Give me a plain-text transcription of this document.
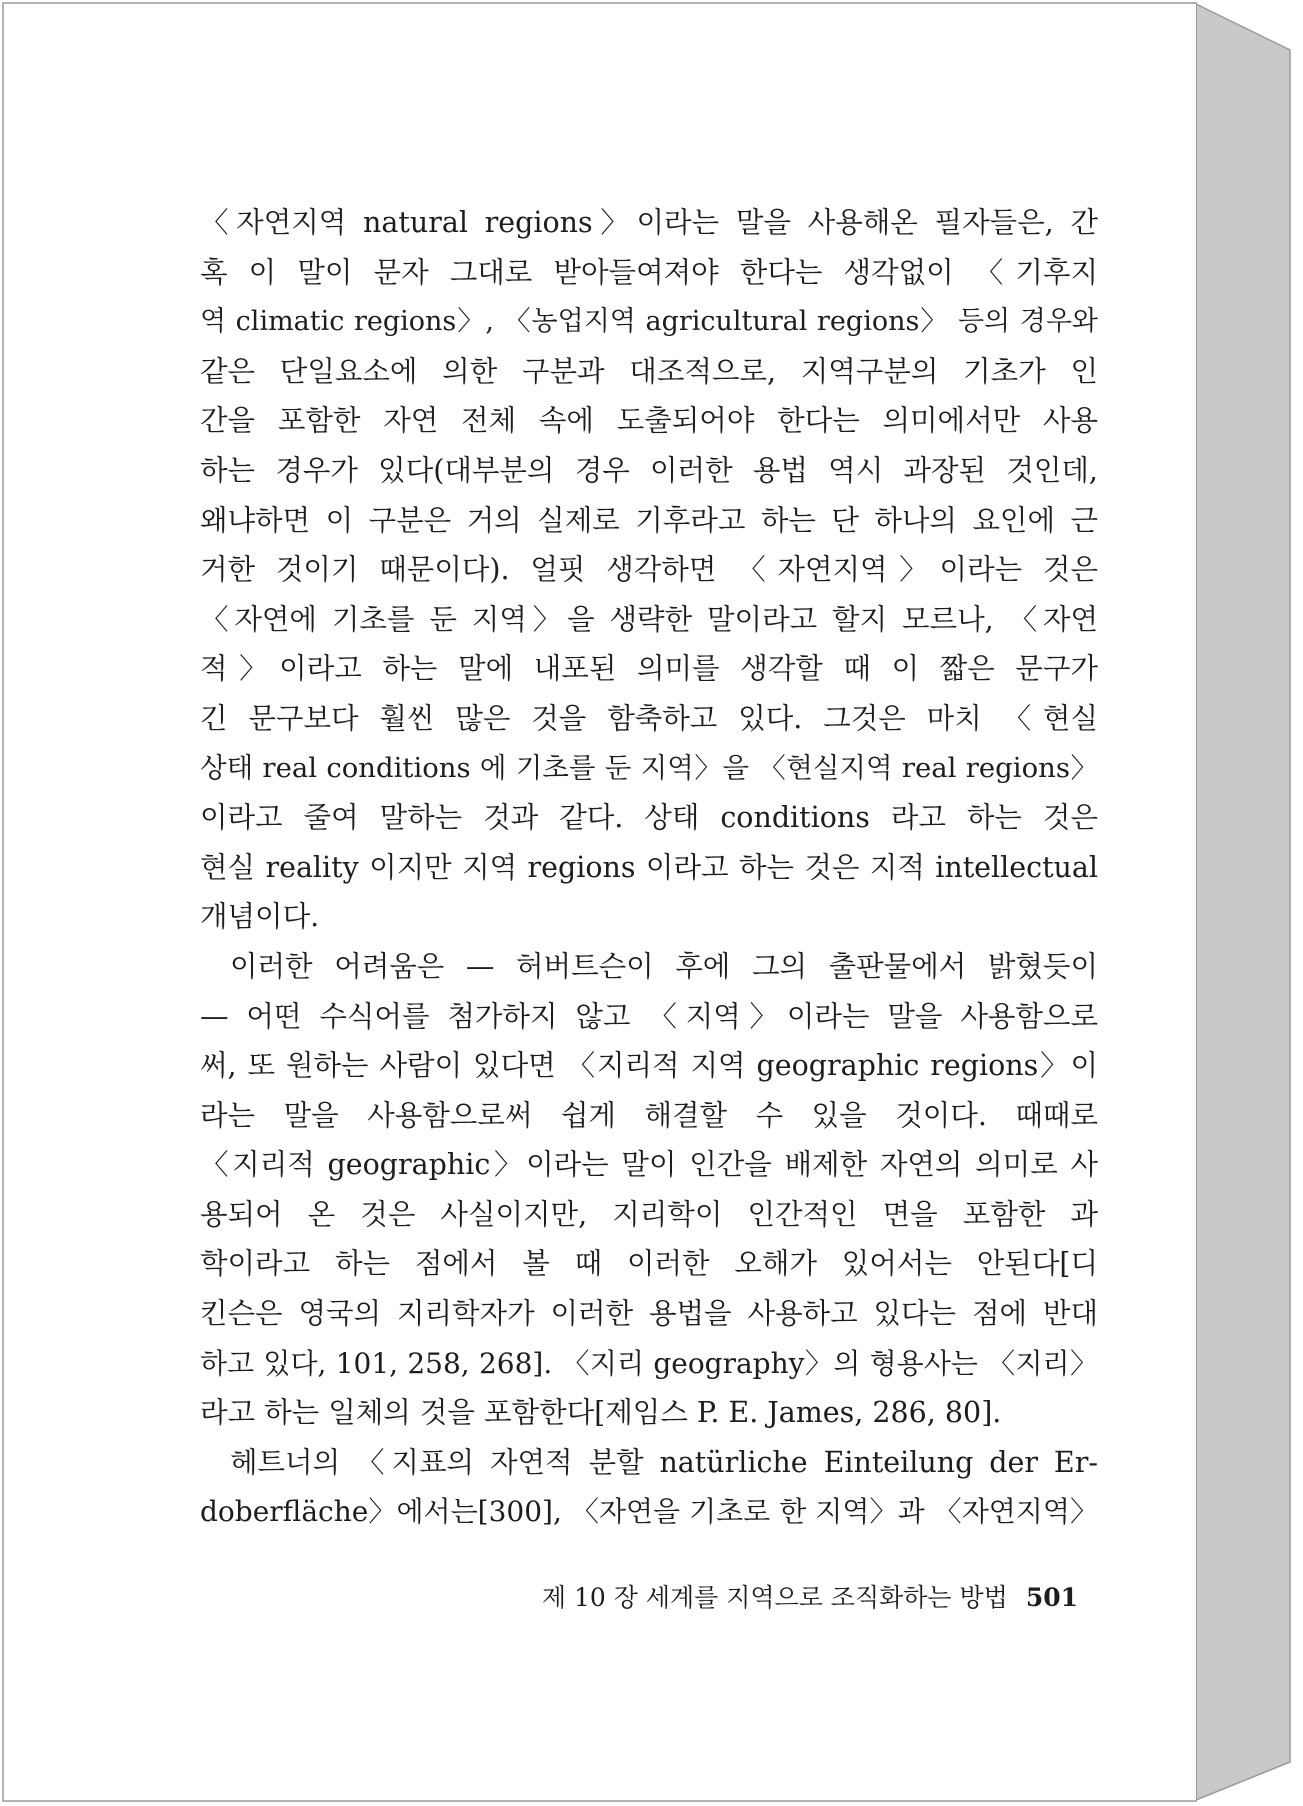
〈자연지역 natural regions〉이라는 말을 사용해온 필자들은, 간
혹 이 말이 문자 그대로 받아들여져야 한다는 생각없이 〈기후지
역 climatic regions〉, 〈농업지역 agricultural regions〉 등의 경우와
같은 단일요소에 의한 구분과 대조적으로, 지역구분의 기초가 인
간을 포함한 자연 전체 속에 도출되어야 한다는 의미에서만 사용
하는 경우가 있다(대부분의 경우 이러한 용법 역시 과장된 것인데,
왜냐하면 이 구분은 거의 실제로 기후라고 하는 단 하나의 요인에 근
거한 것이기 때문이다). 얼핏 생각하면 〈자연지역〉이라는 것은
〈자연에 기초를 둔 지역〉을 생략한 말이라고 할지 모르나, 〈자연
적〉이라고 하는 말에 내포된 의미를 생각할 때 이 짧은 문구가
긴 문구보다 훨씬 많은 것을 함축하고 있다. 그것은 마치 〈현실
상태 real conditions 에 기초를 둔 지역〉을 〈현실지역 real regions〉
이라고 줄여 말하는 것과 같다. 상태 conditions 라고 하는 것은
현실 reality 이지만 지역 regions 이라고 하는 것은 지적 intellectual
개념이다.
이러한 어려움은 — 허버트슨이 후에 그의 출판물에서 밝혔듯이
— 어떤 수식어를 첨가하지 않고 〈지역〉이라는 말을 사용함으로
써, 또 원하는 사람이 있다면 〈지리적 지역 geographic regions〉이
라는 말을 사용함으로써 쉽게 해결할 수 있을 것이다. 때때로
〈지리적 geographic〉이라는 말이 인간을 배제한 자연의 의미로 사
용되어 온 것은 사실이지만, 지리학이 인간적인 면을 포함한 과
학이라고 하는 점에서 볼 때 이러한 오해가 있어서는 안된다[디
킨슨은 영국의 지리학자가 이러한 용법을 사용하고 있다는 점에 반대
하고 있다, 101, 258, 268]. 〈지리 geography〉의 형용사는 〈지리〉
라고 하는 일체의 것을 포함한다[제임스 P. E. James, 286, 80].
헤트너의 〈지표의 자연적 분할 natürliche Einteilung der Er-
doberfläche〉에서는[300], 〈자연을 기초로 한 지역〉과 〈자연지역〉
제 10 장 세계를 지역으로 조직화하는 방법 501
